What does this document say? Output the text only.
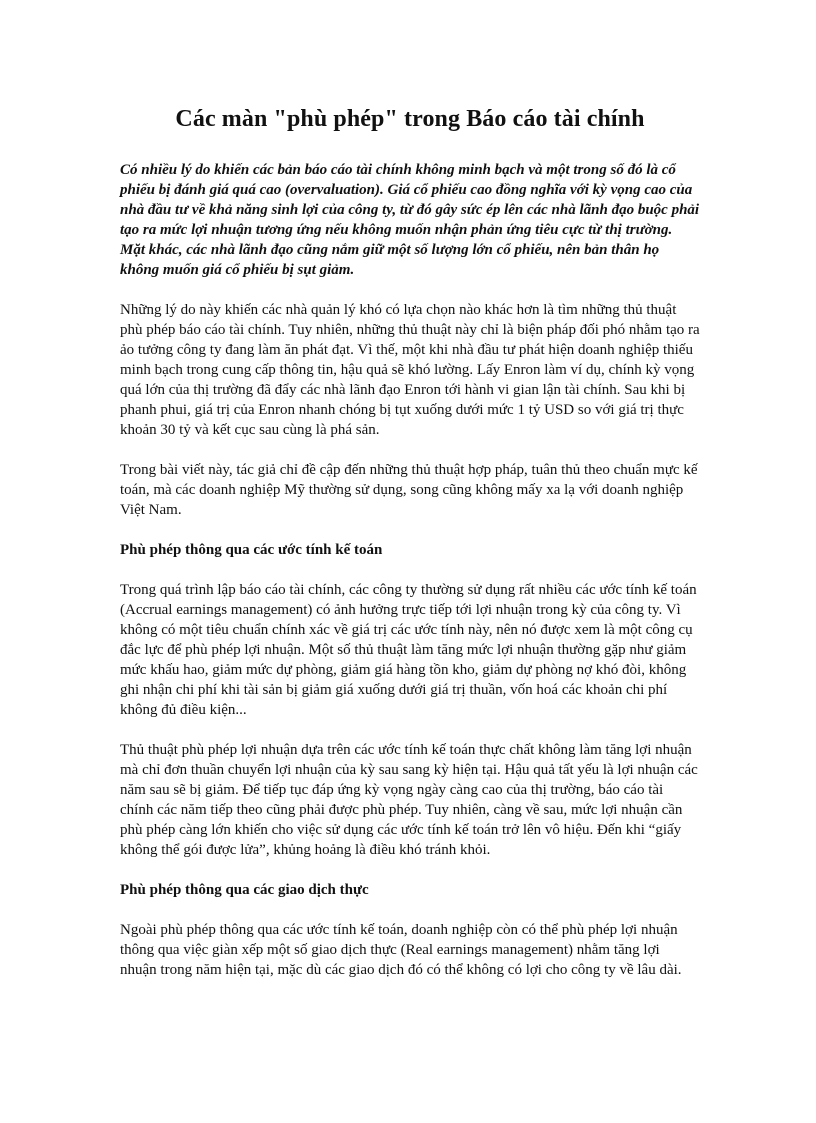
Các màn "phù phép" trong Báo cáo tài chính

Có nhiều lý do khiến các bản báo cáo tài chính không minh bạch và một trong số đó là cổ phiếu bị đánh giá quá cao (overvaluation). Giá cổ phiếu cao đồng nghĩa với kỳ vọng cao của nhà đầu tư về khả năng sinh lợi của công ty, từ đó gây sức ép lên các nhà lãnh đạo buộc phải tạo ra mức lợi nhuận tương ứng nếu không muốn nhận phản ứng tiêu cực từ thị trường. Mặt khác, các nhà lãnh đạo cũng nắm giữ một số lượng lớn cổ phiếu, nên bản thân họ không muốn giá cổ phiếu bị sụt giảm.

Những lý do này khiến các nhà quản lý khó có lựa chọn nào khác hơn là tìm những thủ thuật phù phép báo cáo tài chính. Tuy nhiên, những thủ thuật này chỉ là biện pháp đối phó nhằm tạo ra ảo tưởng công ty đang làm ăn phát đạt. Vì thế, một khi nhà đầu tư phát hiện doanh nghiệp thiếu minh bạch trong cung cấp thông tin, hậu quả sẽ khó lường. Lấy Enron làm ví dụ, chính kỳ vọng quá lớn của thị trường đã đẩy các nhà lãnh đạo Enron tới hành vi gian lận tài chính. Sau khi bị phanh phui, giá trị của Enron nhanh chóng bị tụt xuống dưới mức 1 tỷ USD so với giá trị thực khoản 30 tỷ và kết cục sau cùng là phá sản.

Trong bài viết này, tác giả chỉ đề cập đến những thủ thuật hợp pháp, tuân thủ theo chuẩn mực kế toán, mà các doanh nghiệp Mỹ thường sử dụng, song cũng không mấy xa lạ với doanh nghiệp Việt Nam.

Phù phép thông qua các ước tính kế toán

Trong quá trình lập báo cáo tài chính, các công ty thường sử dụng rất nhiều các ước tính kế toán (Accrual earnings management) có ảnh hưởng trực tiếp tới lợi nhuận trong kỳ của công ty. Vì không có một tiêu chuẩn chính xác về giá trị các ước tính này, nên nó được xem là một công cụ đắc lực để phù phép lợi nhuận. Một số thủ thuật làm tăng mức lợi nhuận thường gặp như giảm mức khấu hao, giảm mức dự phòng, giảm giá hàng tồn kho, giảm dự phòng nợ khó đòi, không ghi nhận chi phí khi tài sản bị giảm giá xuống dưới giá trị thuần, vốn hoá các khoản chi phí không đủ điều kiện...

Thủ thuật phù phép lợi nhuận dựa trên các ước tính kế toán thực chất không làm tăng lợi nhuận mà chỉ đơn thuần chuyển lợi nhuận của kỳ sau sang kỳ hiện tại. Hậu quả tất yếu là lợi nhuận các năm sau sẽ bị giảm. Để tiếp tục đáp ứng kỳ vọng ngày càng cao của thị trường, báo cáo tài chính các năm tiếp theo cũng phải được phù phép. Tuy nhiên, càng về sau, mức lợi nhuận cần phù phép càng lớn khiến cho việc sử dụng các ước tính kế toán trở lên vô hiệu. Đến khi “giấy không thể gói được lửa”, khủng hoảng là điều khó tránh khỏi.

Phù phép thông qua các giao dịch thực

Ngoài phù phép thông qua các ước tính kế toán, doanh nghiệp còn có thể phù phép lợi nhuận thông qua việc giàn xếp một số giao dịch thực (Real earnings management) nhằm tăng lợi nhuận trong năm hiện tại, mặc dù các giao dịch đó có thể không có lợi cho công ty về lâu dài.
